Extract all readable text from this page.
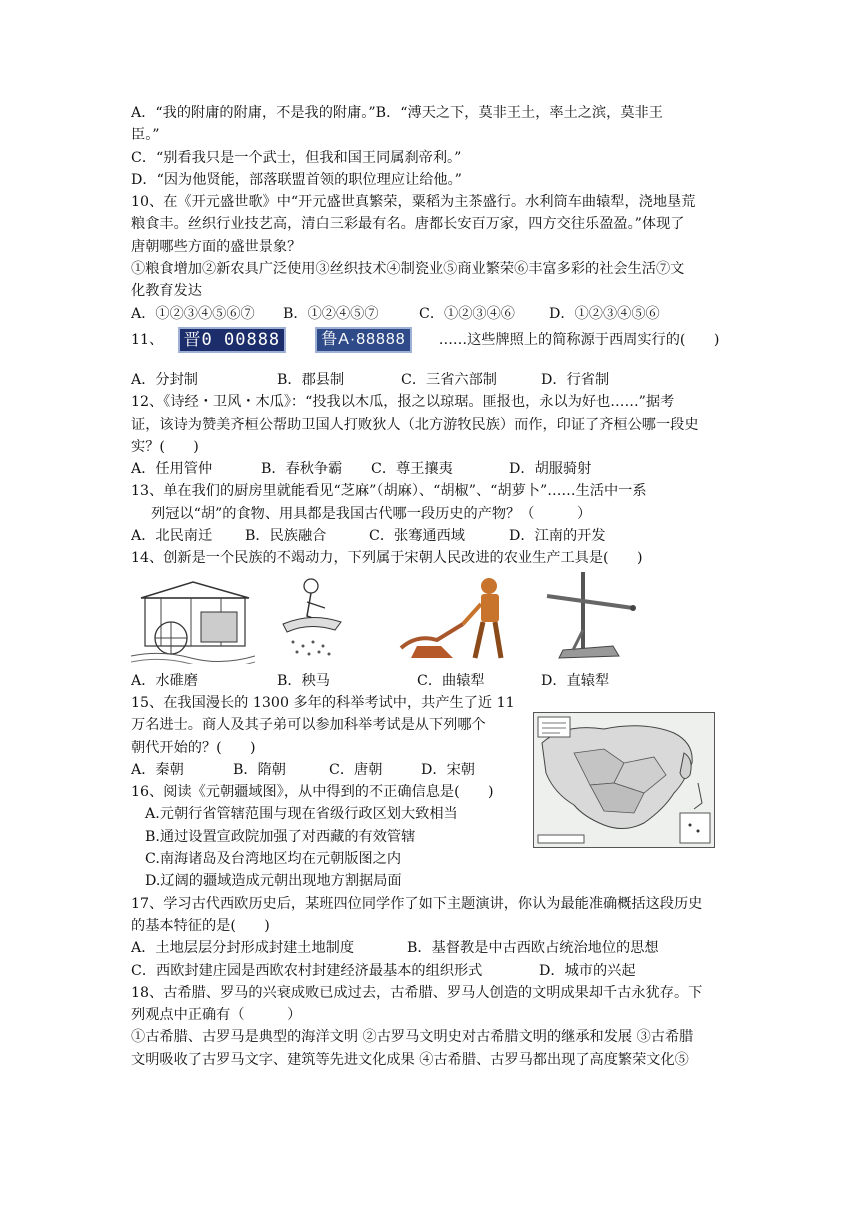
A．“我的附庸的附庸，不是我的附庸。”B．“溥天之下，莫非王土，率土之滨，莫非王
臣。”
C．“别看我只是一个武士，但我和国王同属刹帝利。”
D．“因为他贤能，部落联盟首领的职位理应让给他。”
10、在《开元盛世歌》中“开元盛世真繁荣，粟稻为主茶盛行。水利筒车曲辕犁，浇地垦荒
粮食丰。丝织行业技艺高，清白三彩最有名。唐都长安百万家，四方交往乐盈盈。”体现了
唐朝哪些方面的盛世景象？
①粮食增加②新农具广泛使用③丝织技术④制瓷业⑤商业繁荣⑥丰富多彩的社会生活⑦文
化教育发达
A．①②③④⑤⑥⑦	B．①②④⑤⑦	C．①②③④⑥	D．①②③④⑤⑥
11、 晋0 00888	鲁A·88888 ……这些牌照上的简称源于西周实行的(　　)
A．分封制	B．郡县制	C．三省六部制	D．行省制
12、《诗经・卫风・木瓜》：“投我以木瓜，报之以琼琚。匪报也，永以为好也……”据考
证，该诗为赞美齐桓公帮助卫国人打败狄人（北方游牧民族）而作，印证了齐桓公哪一段史
实？(　　)
A．任用管仲	B．春秋争霸	C．尊王攘夷	D．胡服骑射
13、单在我们的厨房里就能看见“芝麻”（胡麻）、“胡椒”、“胡萝卜”……生活中一系
列冠以“胡”的食物、用具都是我国古代哪一段历史的产物？（　　　）
A．北民南迁	B．民族融合	C．张骞通西域	D．江南的开发
14、创新是一个民族的不竭动力，下列属于宋朝人民改进的农业生产工具是(　　)
A．水碓磨	B．秧马	C．曲辕犁	D．直辕犁
15、在我国漫长的 1300 多年的科举考试中，共产生了近 11
万名进士。商人及其子弟可以参加科举考试是从下列哪个
朝代开始的？(　　)
A．秦朝	B．隋朝	C．唐朝	D．宋朝
16、阅读《元朝疆域图》，从中得到的不正确信息是(　　)
A.元朝行省管辖范围与现在省级行政区划大致相当
B.通过设置宣政院加强了对西藏的有效管辖
C.南海诸岛及台湾地区均在元朝版图之内
D.辽阔的疆域造成元朝出现地方割据局面
17、学习古代西欧历史后，某班四位同学作了如下主题演讲，你认为最能准确概括这段历史
的基本特征的是(　　)
A．土地层层分封形成封建土地制度	B．基督教是中古西欧占统治地位的思想
C．西欧封建庄园是西欧农村封建经济最基本的组织形式	D．城市的兴起
18、古希腊、罗马的兴衰成败已成过去，古希腊、罗马人创造的文明成果却千古永犹存。下
列观点中正确有（　　　）
①古希腊、古罗马是典型的海洋文明 ②古罗马文明史对古希腊文明的继承和发展 ③古希腊
文明吸收了古罗马文字、建筑等先进文化成果 ④古希腊、古罗马都出现了高度繁荣文化⑤
